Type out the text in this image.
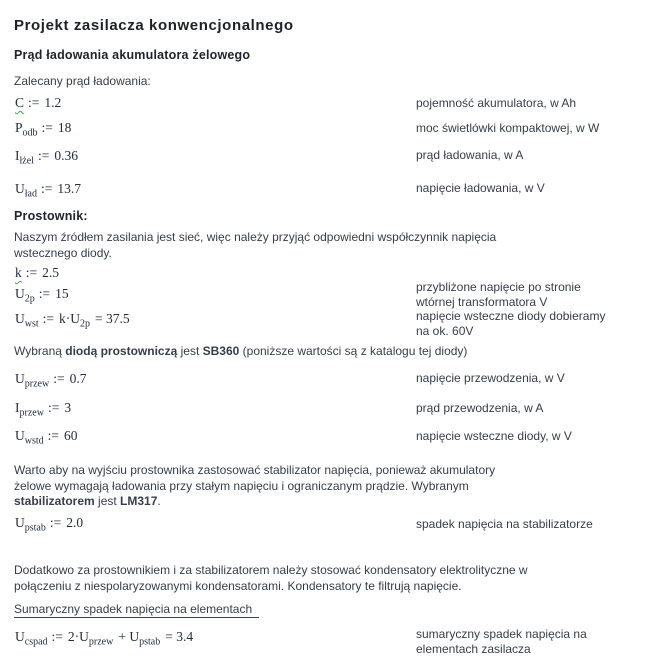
Projekt zasilacza konwencjonalnego
Prąd ładowania akumulatora żelowego
Zalecany prąd ładowania:
C := 1.2	pojemność akumulatora, w Ah
$P_{odb}$ := 18	moc świetlówki kompaktowej, w W
$I_{łżel}$ := 0.36	prąd ładowania, w A
$U_{ład}$ := 13.7	napięcie ładowania, w V
Prostownik:
Naszym źródłem zasilania jest sieć, więc należy przyjąć odpowiedni współczynnik napięcia
wstecznego diody.
k := 2.5
$U_{2p}$ := 15	przybliżone napięcie po stronie
wtórnej transformatora V
$U_{wst}$ := $k\cdot U_{2p} = 37.5$	napięcie wsteczne diody dobieramy
na ok. 60V
Wybraną diodą prostowniczą jest SB360 (poniższe wartości są z katalogu tej diody)
$U_{przew}$ := 0.7	napięcie przewodzenia, w V
$I_{przew}$ := 3	prąd przewodzenia, w A
$U_{wstd}$ := 60	napięcie wsteczne diody, w V
Warto aby na wyjściu prostownika zastosować stabilizator napięcia, ponieważ akumulatory
żelowe wymagają ładowania przy stałym napięciu i ograniczanym prądzie. Wybranym
stabilizatorem jest LM317.
$U_{pstab}$ := 2.0	spadek napięcia na stabilizatorze
Dodatkowo za prostownikiem i za stabilizatorem należy stosować kondensatory elektrolityczne w
połączeniu z niespolaryzowanymi kondensatorami. Kondensatory te filtrują napięcie.
Sumaryczny spadek napięcia na elementach
$U_{cspad}$ := $2\cdot U_{przew} + U_{pstab} = 3.4$	sumaryczny spadek napięcia na
elementach zasilacza
